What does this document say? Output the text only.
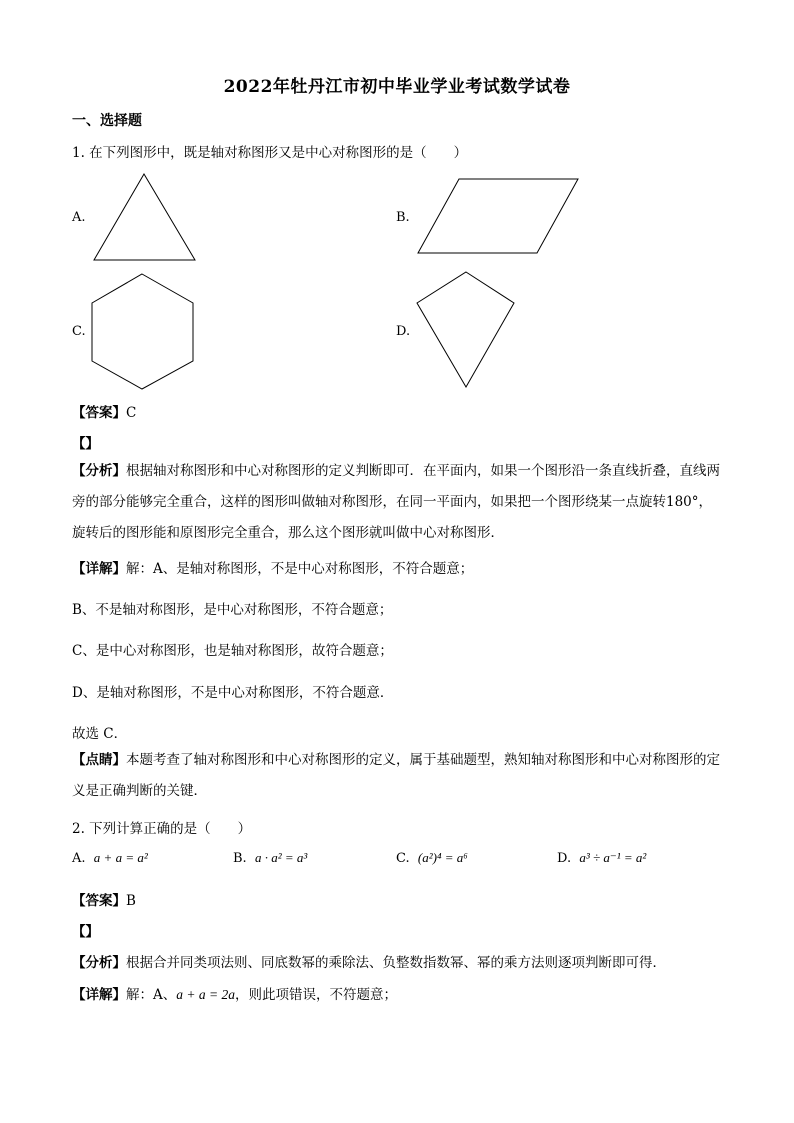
2022年牡丹江市初中毕业学业考试数学试卷
一、选择题
1. 在下列图形中，既是轴对称图形又是中心对称图形的是（　　）
A.	B.
C.	D.
【答案】C
【】
【分析】根据轴对称图形和中心对称图形的定义判断即可．在平面内，如果一个图形沿一条直线折叠，直线两旁的部分能够完全重合，这样的图形叫做轴对称图形，在同一平面内，如果把一个图形绕某一点旋转180°，旋转后的图形能和原图形完全重合，那么这个图形就叫做中心对称图形．
【详解】解：A、是轴对称图形，不是中心对称图形，不符合题意；
B、不是轴对称图形，是中心对称图形，不符合题意；
C、是中心对称图形，也是轴对称图形，故符合题意；
D、是轴对称图形，不是中心对称图形，不符合题意．
故选 C．
【点睛】本题考查了轴对称图形和中心对称图形的定义，属于基础题型，熟知轴对称图形和中心对称图形的定义是正确判断的关键．
2. 下列计算正确的是（　　）
A. a + a = a²	B. a · a² = a³	C. (a²)⁴ = a⁶	D. a³ ÷ a⁻¹ = a²
【答案】B
【】
【分析】根据合并同类项法则、同底数幂的乘除法、负整数指数幂、幂的乘方法则逐项判断即可得．
【详解】解：A、a + a = 2a，则此项错误，不符题意；
